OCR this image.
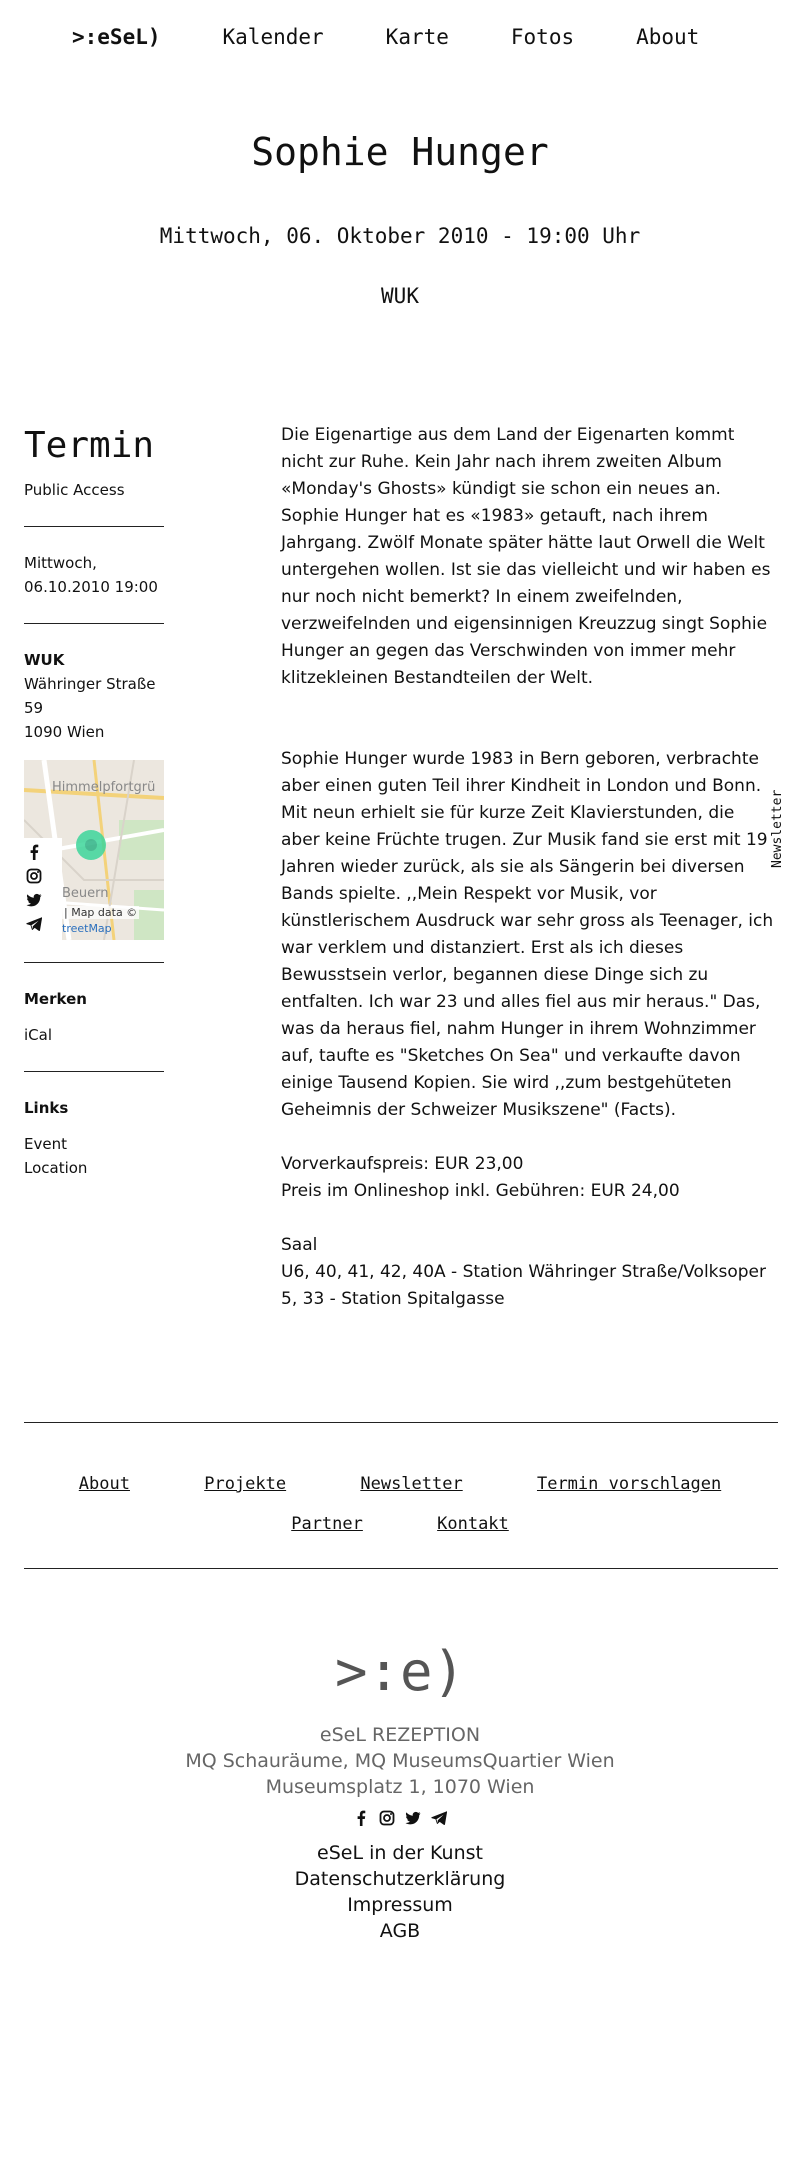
>:eSeL)	Kalender	Karte	Fotos	About
Sophie Hunger
Mittwoch, 06. Oktober 2010 - 19:00 Uhr
WUK
Termin
Public Access
Mittwoch,
06.10.2010 19:00
WUK
Währinger Straße
59
1090 Wien
Himmelpfortgrü
Beuern
| Map data ©
treetMap
Merken
iCal
Links
Event
Location

Die Eigenartige aus dem Land der Eigenarten kommt nicht zur Ruhe. Kein Jahr nach ihrem zweiten Album «Monday's Ghosts» kündigt sie schon ein neues an. Sophie Hunger hat es «1983» getauft, nach ihrem Jahrgang. Zwölf Monate später hätte laut Orwell die Welt untergehen wollen. Ist sie das vielleicht und wir haben es nur noch nicht bemerkt? In einem zweifelnden, verzweifelnden und eigensinnigen Kreuzzug singt Sophie Hunger an gegen das Verschwinden von immer mehr klitzekleinen Bestandteilen der Welt.

Sophie Hunger wurde 1983 in Bern geboren, verbrachte aber einen guten Teil ihrer Kindheit in London und Bonn. Mit neun erhielt sie für kurze Zeit Klavierstunden, die aber keine Früchte trugen. Zur Musik fand sie erst mit 19 Jahren wieder zurück, als sie als Sängerin bei diversen Bands spielte. ,,Mein Respekt vor Musik, vor künstlerischem Ausdruck war sehr gross als Teenager, ich war verklem und distanziert. Erst als ich dieses Bewusstsein verlor, begannen diese Dinge sich zu entfalten. Ich war 23 und alles fiel aus mir heraus." Das, was da heraus fiel, nahm Hunger in ihrem Wohnzimmer auf, taufte es "Sketches On Sea" und verkaufte davon einige Tausend Kopien. Sie wird ,,zum bestgehüteten Geheimnis der Schweizer Musikszene" (Facts).

Vorverkaufspreis: EUR 23,00

Preis im Onlineshop inkl. Gebühren: EUR 24,00

Saal

U6, 40, 41, 42, 40A - Station Währinger Straße/Volksoper 5, 33 - Station Spitalgasse

Newsletter
About	Projekte	Newsletter	Termin vorschlagen
Partner	Kontakt
>:e)
eSeL REZEPTION
MQ Schauräume, MQ MuseumsQuartier Wien
Museumsplatz 1, 1070 Wien
eSeL in der Kunst
Datenschutzerklärung
Impressum
AGB
